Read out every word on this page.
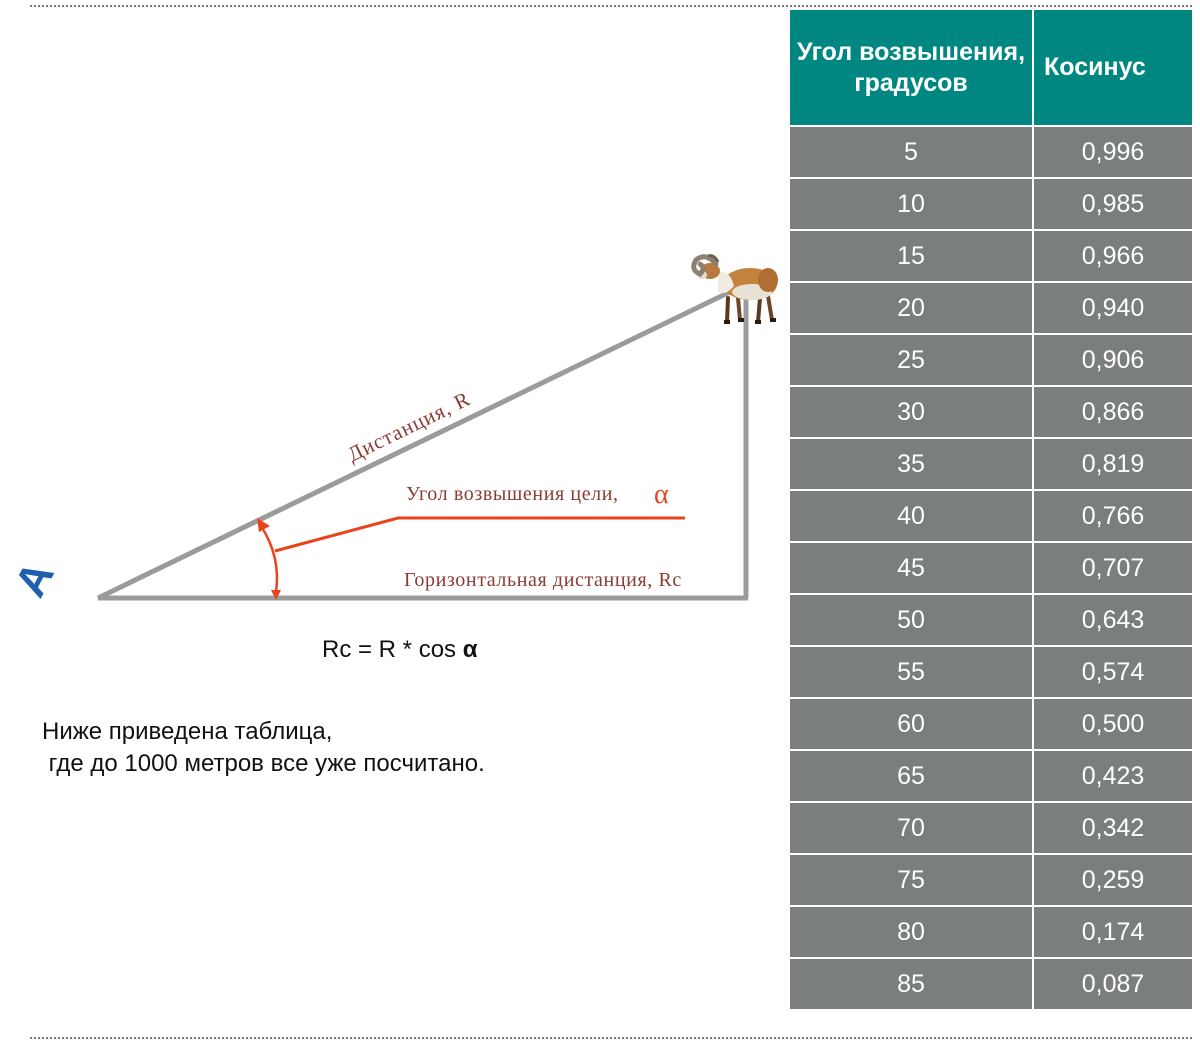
A
Дистанция, R
Угол возвышения цели, α
Горизонтальная дистанция, Rc
Rc = R * cos α
Ниже приведена таблица,
где до 1000 метров все уже посчитано.
Угол возвышения, градусов	Косинус
5	0,996
10	0,985
15	0,966
20	0,940
25	0,906
30	0,866
35	0,819
40	0,766
45	0,707
50	0,643
55	0,574
60	0,500
65	0,423
70	0,342
75	0,259
80	0,174
85	0,087
